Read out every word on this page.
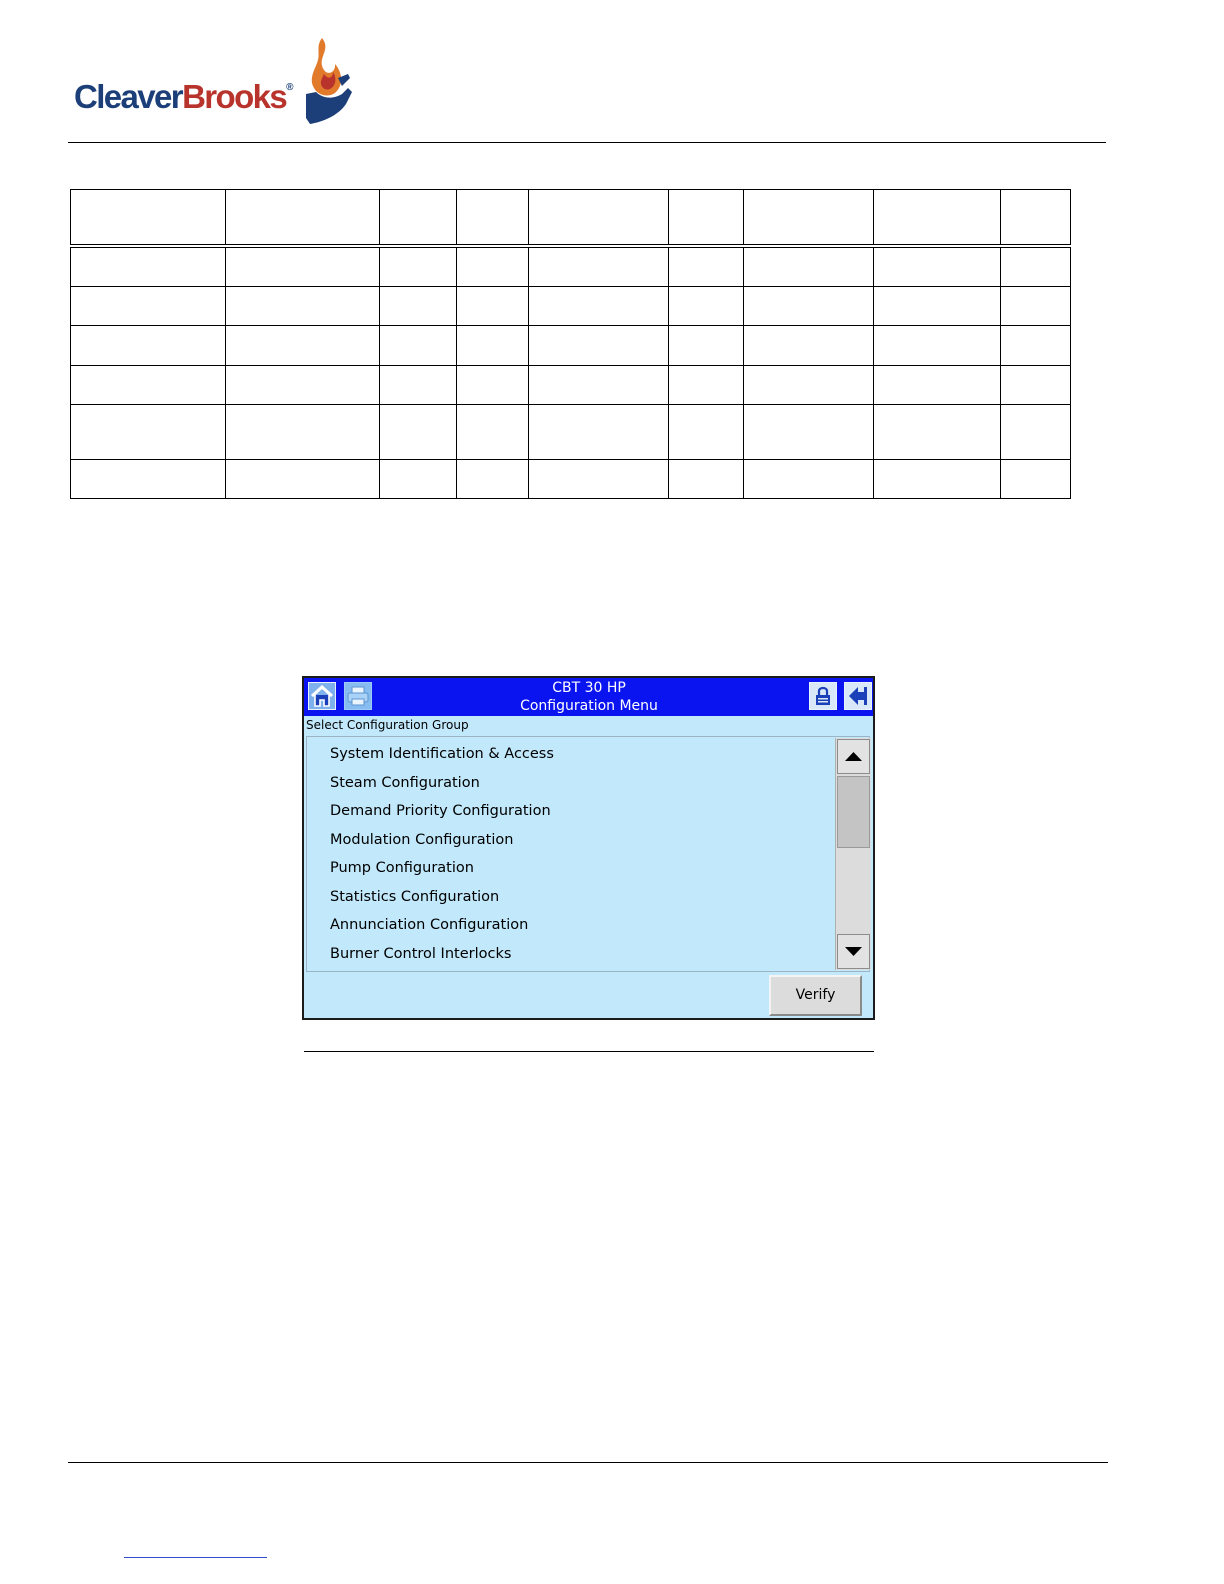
CleaverBrooks®

CBT 30 HP
Configuration Menu
Select Configuration Group
System Identification & Access
Steam Configuration
Demand Priority Configuration
Modulation Configuration
Pump Configuration
Statistics Configuration
Annunciation Configuration
Burner Control Interlocks
Verify
